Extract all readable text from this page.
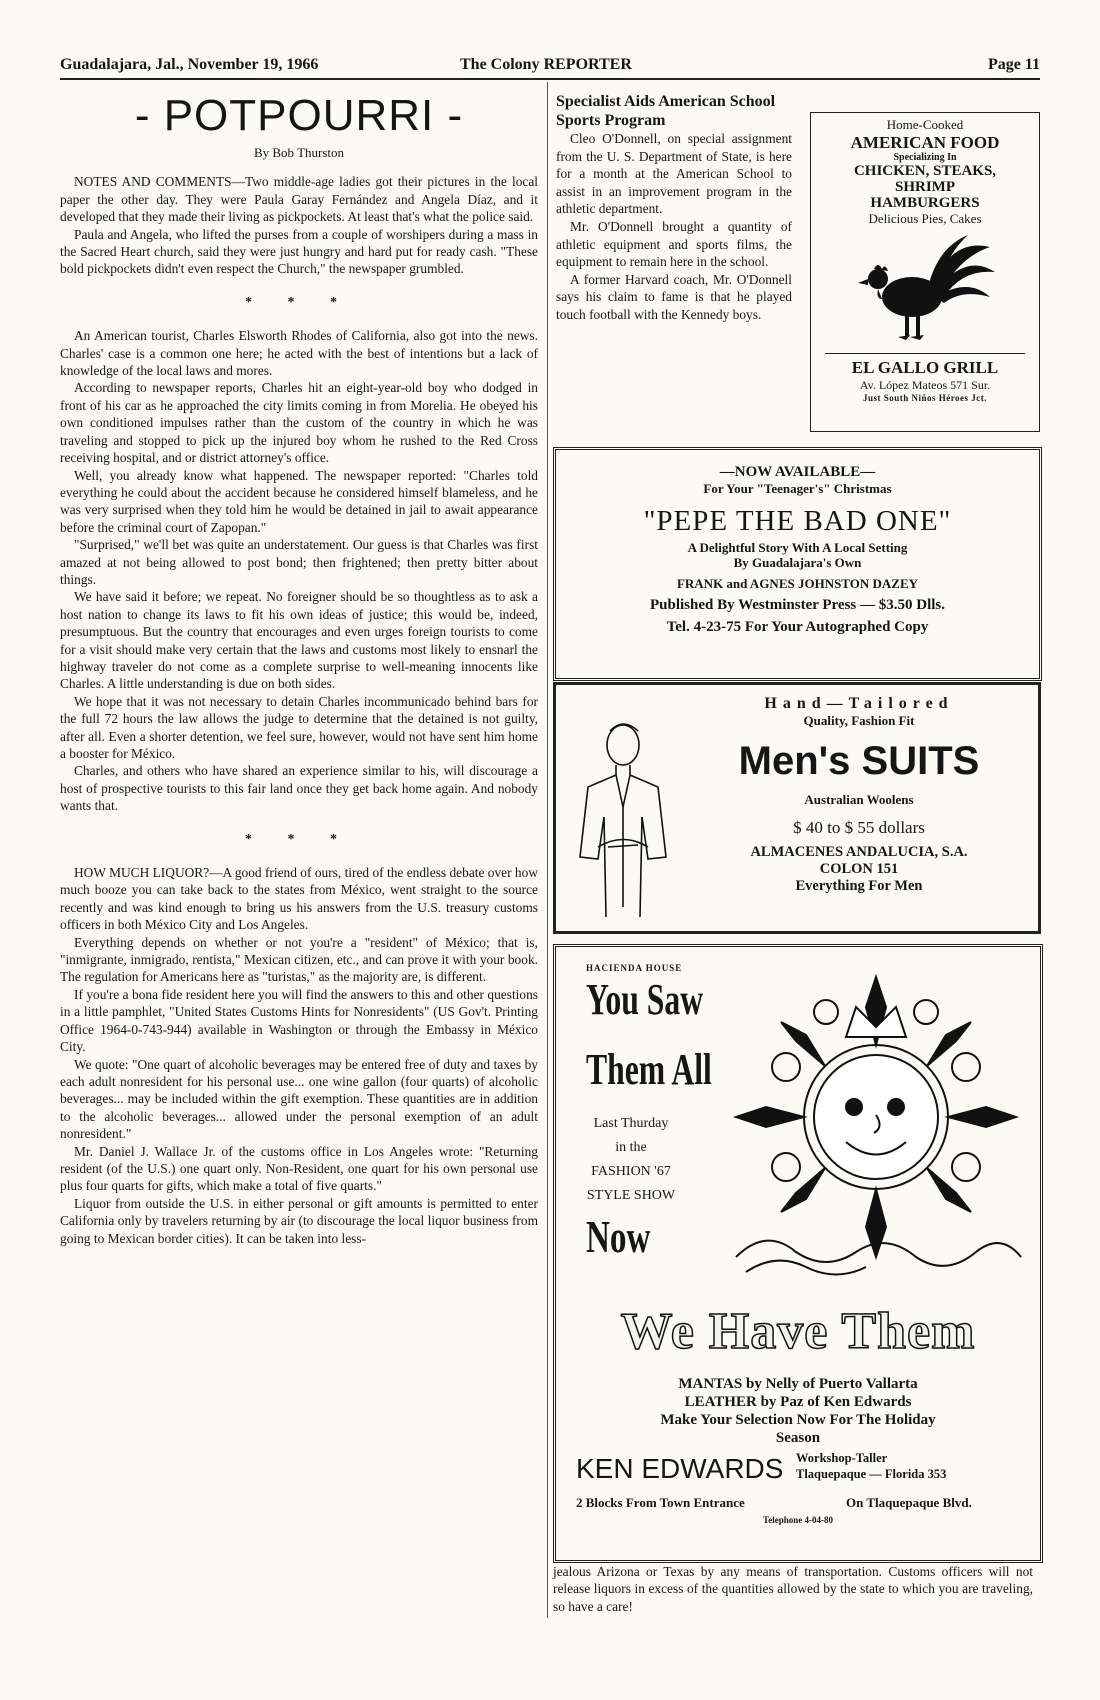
Guadalajara, Jal., November 19, 1966	The Colony REPORTER	Page 11
- POTPOURRI -
By Bob Thurston

NOTES AND COMMENTS—Two middle-age ladies got their pictures in the local paper the other day. They were Paula Garay Fernández and Angela Díaz, and it developed that they made their living as pickpockets. At least that's what the police said.

Paula and Angela, who lifted the purses from a couple of worshipers during a mass in the Sacred Heart church, said they were just hungry and hard put for ready cash. "These bold pickpockets didn't even respect the Church," the newspaper grumbled.

* * *

An American tourist, Charles Elsworth Rhodes of California, also got into the news. Charles' case is a common one here; he acted with the best of intentions but a lack of knowledge of the local laws and mores.

According to newspaper reports, Charles hit an eight-year-old boy who dodged in front of his car as he approached the city limits coming in from Morelia. He obeyed his own conditioned impulses rather than the custom of the country in which he was traveling and stopped to pick up the injured boy whom he rushed to the Red Cross receiving hospital, and or district attorney's office.

Well, you already know what happened. The newspaper reported: "Charles told everything he could about the accident because he considered himself blameless, and he was very surprised when they told him he would be detained in jail to await appearance before the criminal court of Zapopan."

"Surprised," we'll bet was quite an understatement. Our guess is that Charles was first amazed at not being allowed to post bond; then frightened; then pretty bitter about things.

We have said it before; we repeat. No foreigner should be so thoughtless as to ask a host nation to change its laws to fit his own ideas of justice; this would be, indeed, presumptuous. But the country that encourages and even urges foreign tourists to come for a visit should make very certain that the laws and customs most likely to ensnarl the highway traveler do not come as a complete surprise to well-meaning innocents like Charles. A little understanding is due on both sides.

We hope that it was not necessary to detain Charles incommunicado behind bars for the full 72 hours the law allows the judge to determine that the detained is not guilty, after all. Even a shorter detention, we feel sure, however, would not have sent him home a booster for México.

Charles, and others who have shared an experience similar to his, will discourage a host of prospective tourists to this fair land once they get back home again. And nobody wants that.

* * *

HOW MUCH LIQUOR?—A good friend of ours, tired of the endless debate over how much booze you can take back to the states from México, went straight to the source recently and was kind enough to bring us his answers from the U.S. treasury customs officers in both México City and Los Angeles.

Everything depends on whether or not you're a "resident" of México; that is, "inmigrante, inmigrado, rentista," Mexican citizen, etc., and can prove it with your book. The regulation for Americans here as "turistas," as the majority are, is different.

If you're a bona fide resident here you will find the answers to this and other questions in a little pamphlet, "United States Customs Hints for Nonresidents" (US Gov't. Printing Office 1964-0-743-944) available in Washington or through the Embassy in México City.

We quote: "One quart of alcoholic beverages may be entered free of duty and taxes by each adult nonresident for his personal use... one wine gallon (four quarts) of alcoholic beverages... may be included within the gift exemption. These quantities are in addition to the alcoholic beverages... allowed under the personal exemption of an adult nonresident."

Mr. Daniel J. Wallace Jr. of the customs office in Los Angeles wrote: "Returning resident (of the U.S.) one quart only. Non-Resident, one quart for his own personal use plus four quarts for gifts, which make a total of five quarts."

Liquor from outside the U.S. in either personal or gift amounts is permitted to enter California only by travelers returning by air (to discourage the local liquor business from going to Mexican border cities). It can be taken into less-

Specialist Aids American School Sports Program

Cleo O'Donnell, on special assignment from the U. S. Department of State, is here for a month at the American School to assist in an improvement program in the athletic department.

Mr. O'Donnell brought a quantity of athletic equipment and sports films, the equipment to remain here in the school.

A former Harvard coach, Mr. O'Donnell says his claim to fame is that he played touch football with the Kennedy boys.

Home-Cooked
AMERICAN FOOD
Specializing In
CHICKEN, STEAKS,
SHRIMP
HAMBURGERS
Delicious Pies, Cakes
EL GALLO GRILL
Av. López Mateos 571 Sur.
Just South Niños Héroes Jct.
—NOW AVAILABLE—
For Your "Teenager's" Christmas
"PEPE THE BAD ONE"
A Delightful Story With A Local Setting
By Guadalajara's Own
FRANK and AGNES JOHNSTON DAZEY
Published By Westminster Press — $3.50 Dlls.
Tel. 4-23-75 For Your Autographed Copy
Hand—Tailored
Quality, Fashion Fit
Men's SUITS
Australian Woolens
$ 40 to $ 55 dollars
ALMACENES ANDALUCIA, S.A.
COLON 151
Everything For Men
HACIENDA HOUSE
You Saw
Them All
Last Thurday
in the
FASHION '67
STYLE SHOW
Now
We Have Them
MANTAS by Nelly of Puerto Vallarta
LEATHER by Paz of Ken Edwards
Make Your Selection Now For The Holiday
Season
KEN EDWARDS Workshop-Taller
Tlaquepaque — Florida 353
2 Blocks From Town Entrance	On Tlaquepaque Blvd.
Telephone 4-04-80
jealous Arizona or Texas by any means of transportation. Customs officers will not release liquors in excess of the quantities allowed by the state to which you are traveling, so have a care!
